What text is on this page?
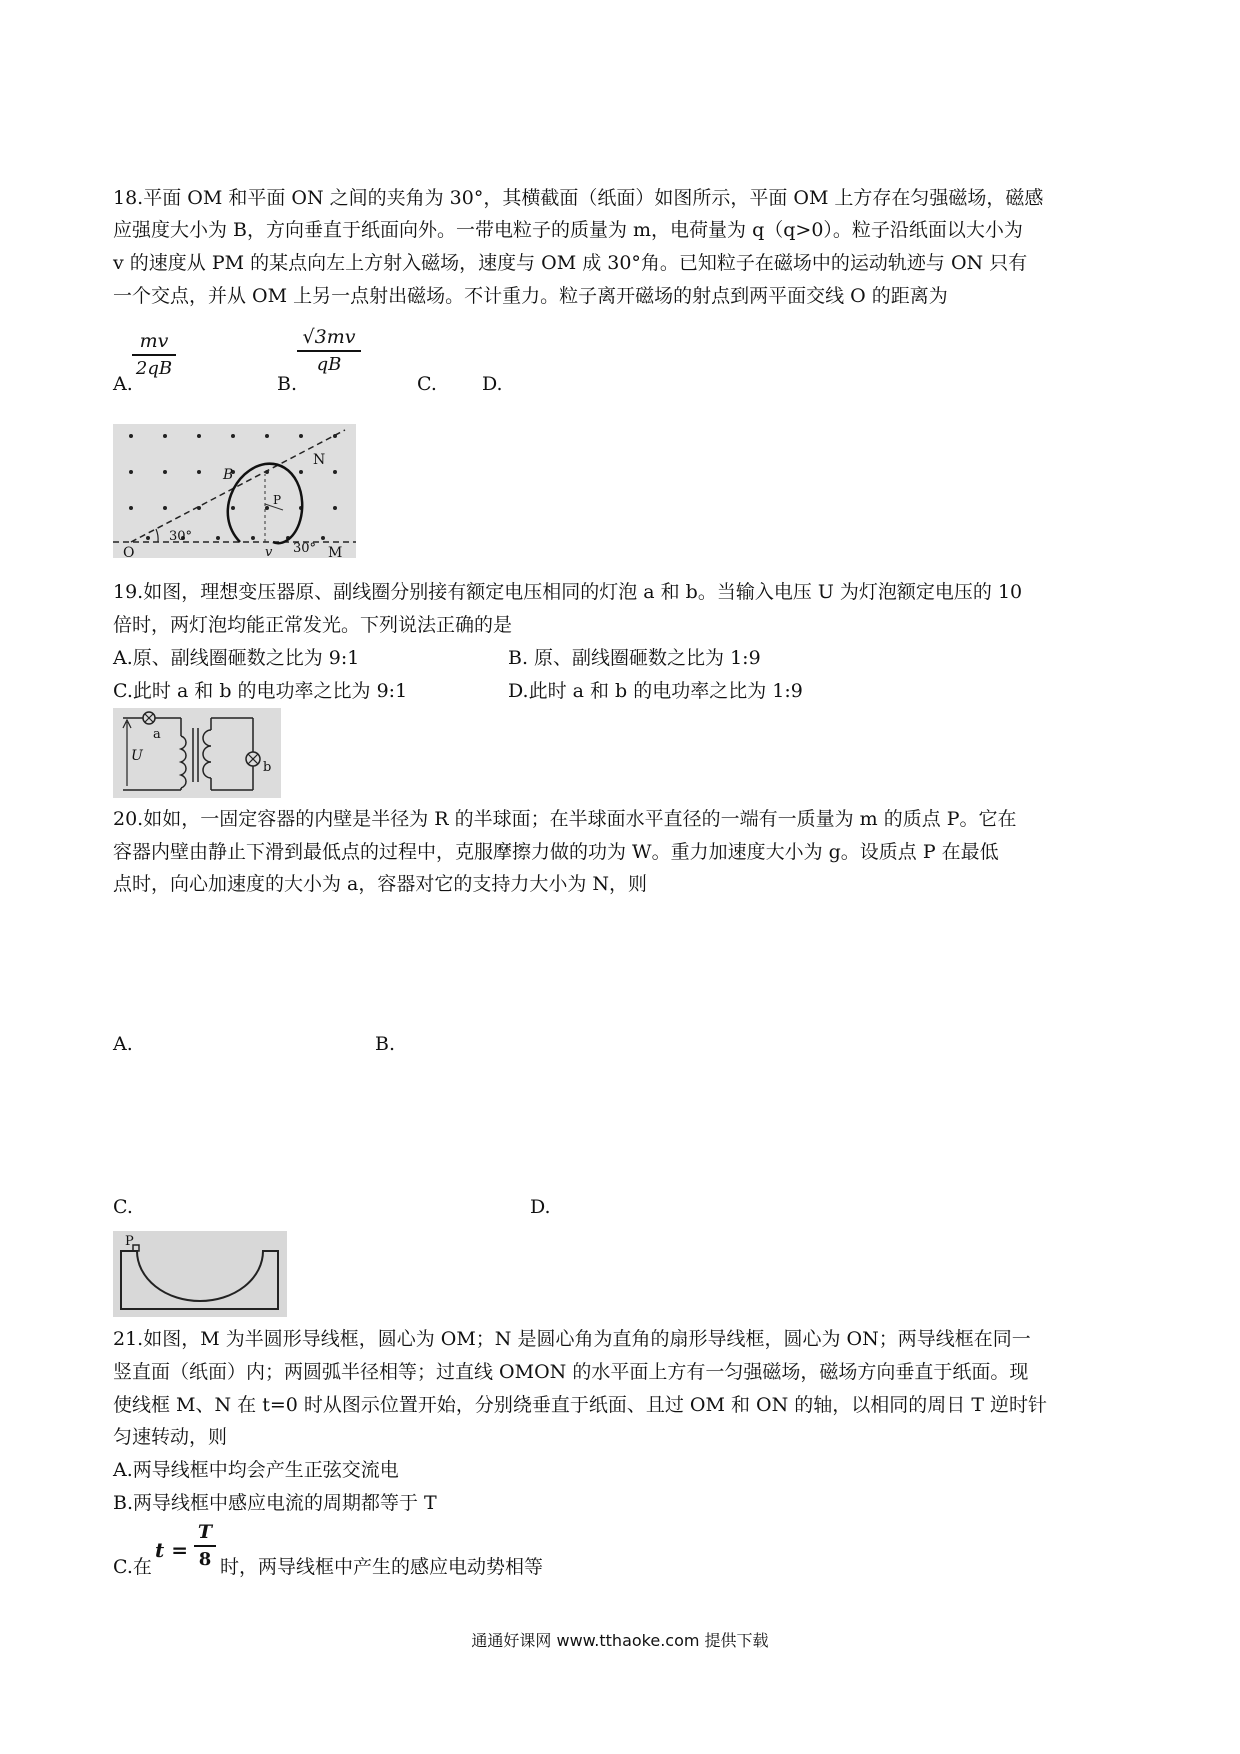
18.平面 OM 和平面 ON 之间的夹角为 30°，其横截面（纸面）如图所示，平面 OM 上方存在匀强磁场，磁感
应强度大小为 B，方向垂直于纸面向外。一带电粒子的质量为 m，电荷量为 q（q>0）。粒子沿纸面以大小为
v 的速度从 PM 的某点向左上方射入磁场，速度与 OM 成 30°角。已知粒子在磁场中的运动轨迹与 ON 只有
一个交点，并从 OM 上另一点射出磁场。不计重力。粒子离开磁场的射点到两平面交线 O 的距离为
A.
mv
2qB
B.
√3mv
qB
C. D.
30°
30°
O	M
N
B
P
v
19.如图，理想变压器原、副线圈分别接有额定电压相同的灯泡 a 和 b。当输入电压 U 为灯泡额定电压的 10
倍时，两灯泡均能正常发光。下列说法正确的是
A.原、副线圈砸数之比为 9:1	B. 原、副线圈砸数之比为 1:9
C.此时 a 和 b 的电功率之比为 9:1	D.此时 a 和 b 的电功率之比为 1:9
U
a
b
20.如如，一固定容器的内壁是半径为 R 的半球面；在半球面水平直径的一端有一质量为 m 的质点 P。它在
容器内壁由静止下滑到最低点的过程中，克服摩擦力做的功为 W。重力加速度大小为 g。设质点 P 在最低
点时，向心加速度的大小为 a，容器对它的支持力大小为 N，则
A.	B.
C.	D.
P
21.如图，M 为半圆形导线框，圆心为 OM；N 是圆心角为直角的扇形导线框，圆心为 ON；两导线框在同一
竖直面（纸面）内；两圆弧半径相等；过直线 OMON 的水平面上方有一匀强磁场，磁场方向垂直于纸面。现
使线框 M、N 在 t=0 时从图示位置开始，分别绕垂直于纸面、且过 OM 和 ON 的轴，以相同的周日 T 逆时针
匀速转动，则
A.两导线框中均会产生正弦交流电
B.两导线框中感应电流的周期都等于 T
C.在
t =
T
8 时，两导线框中产生的感应电动势相等
通通好课网 www.tthaoke.com 提供下载
